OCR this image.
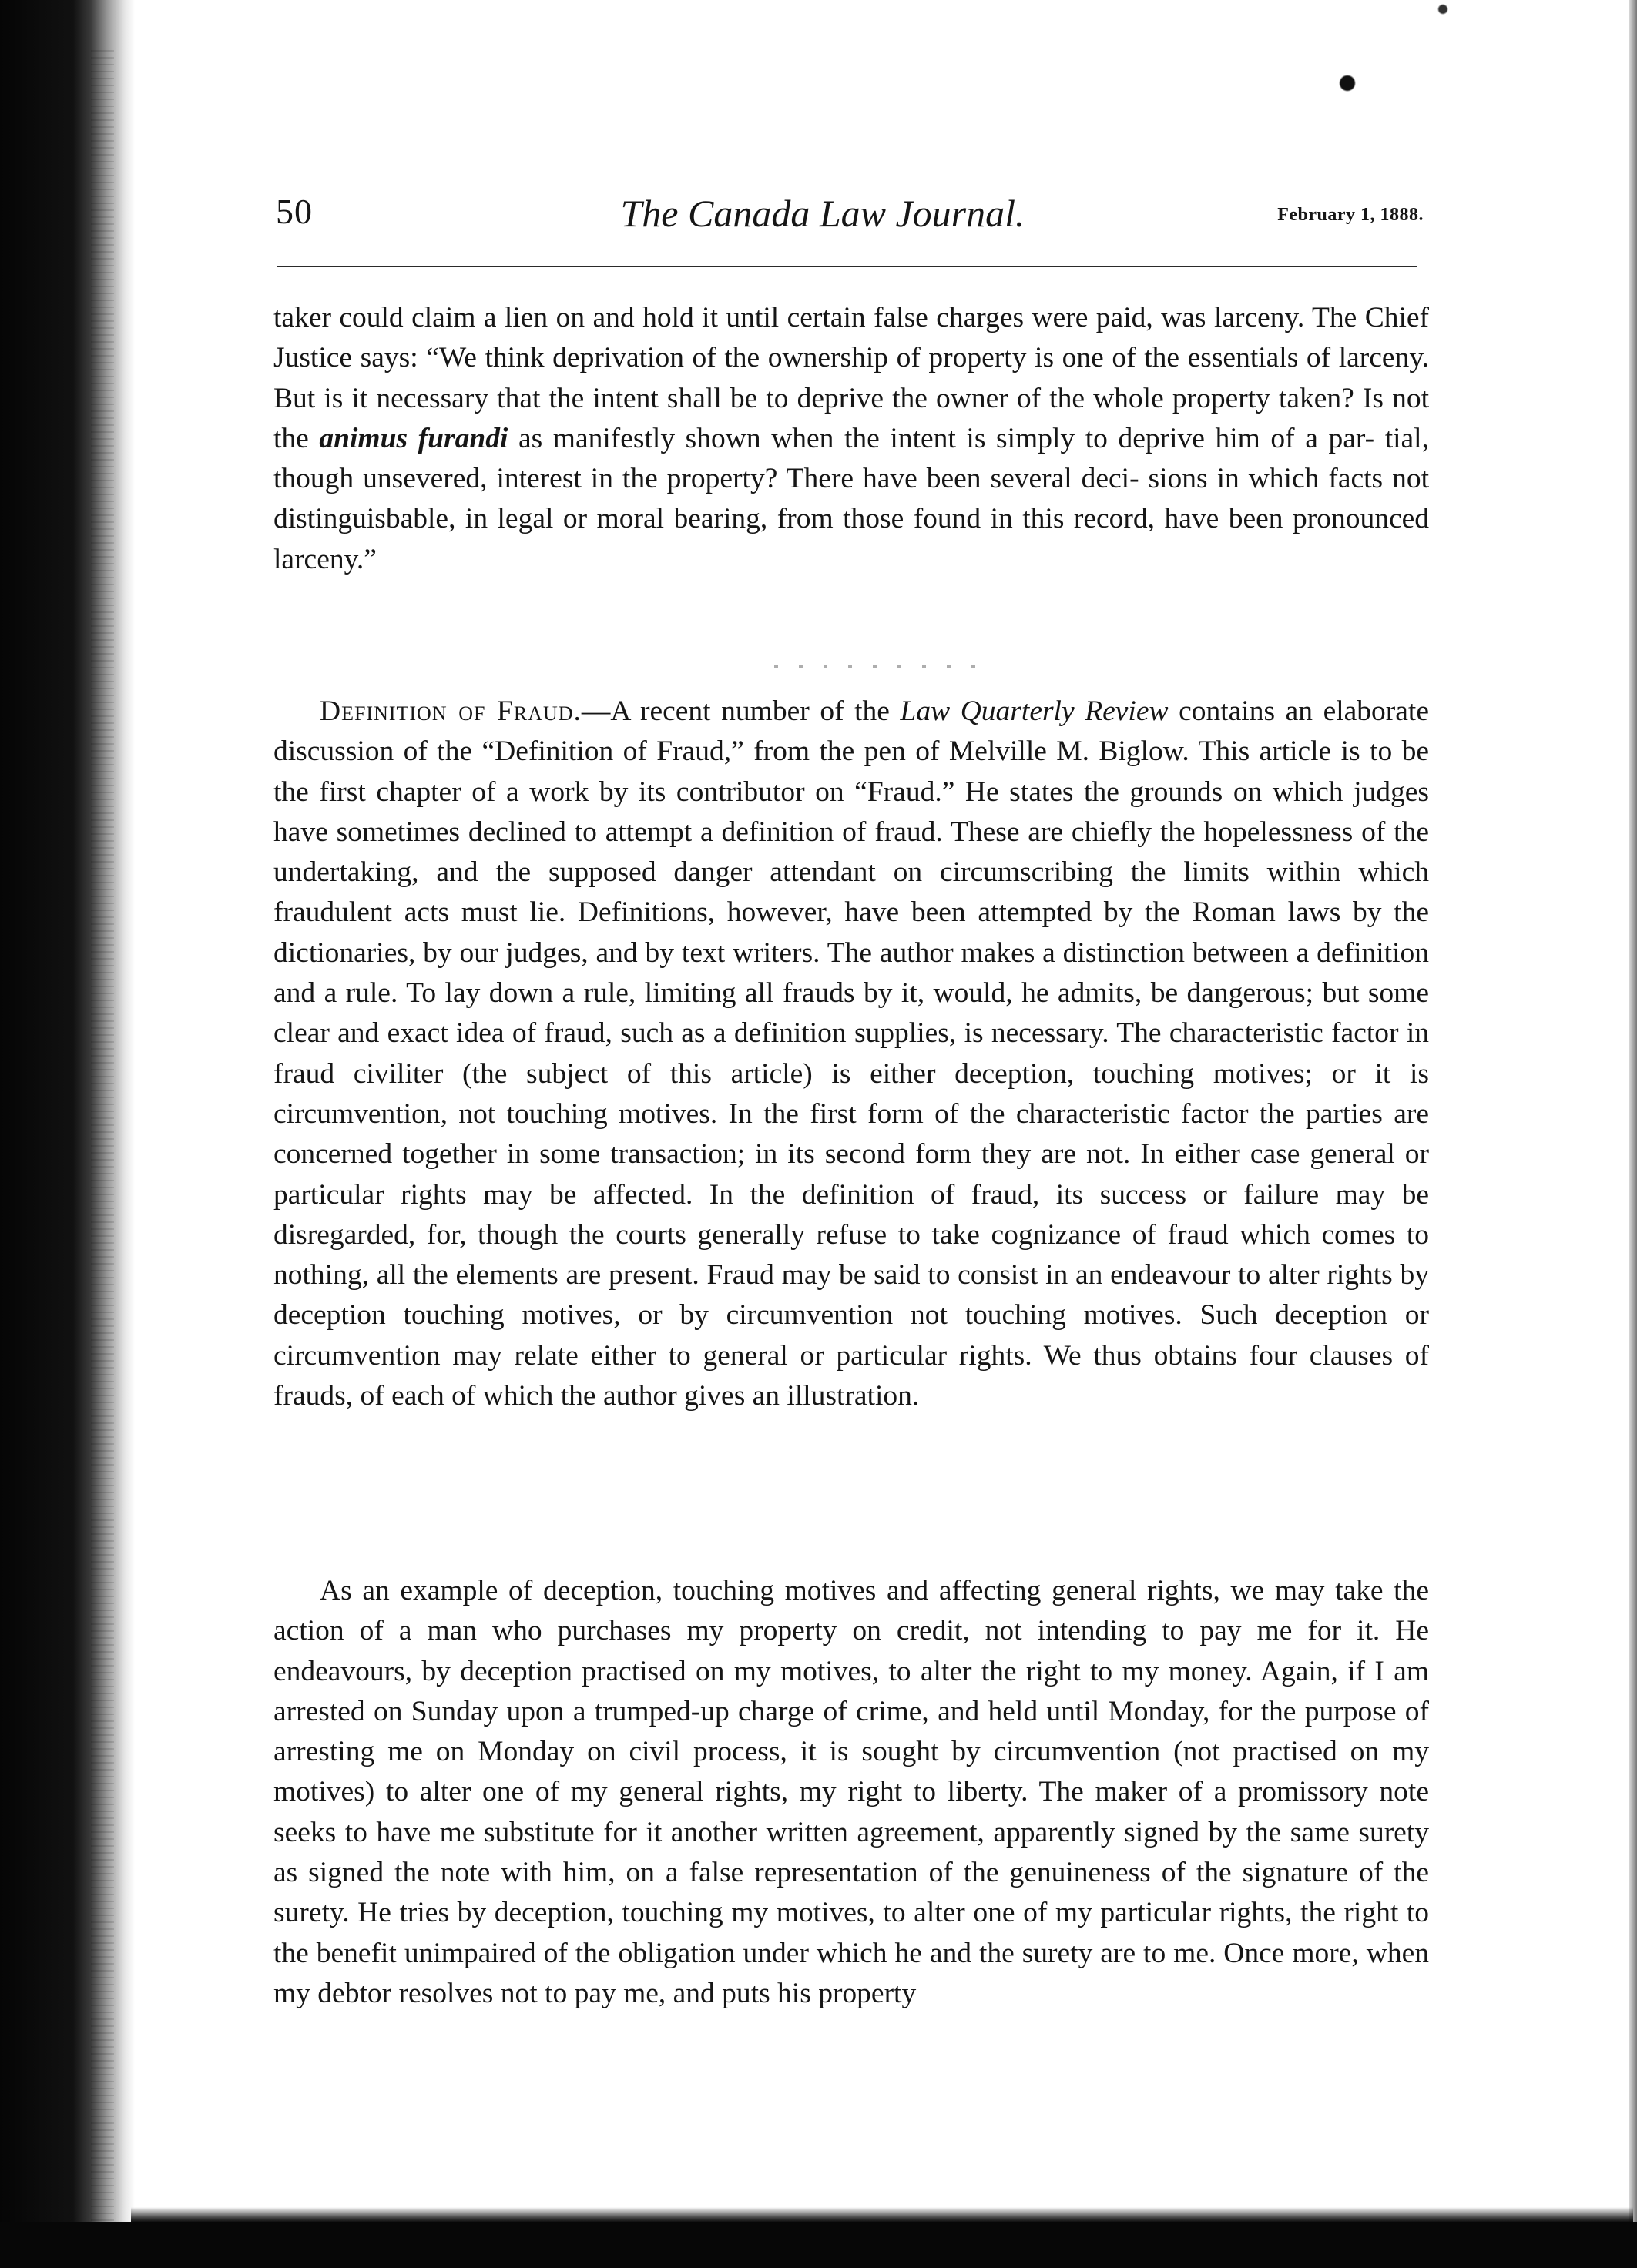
50	The Canada Law Journal.	February 1, 1888.

taker could claim a lien on and hold it until certain false charges were paid, was larceny. The Chief Justice says: “We think deprivation of the ownership of property is one of the essentials of larceny. But is it necessary that the intent shall be to deprive the owner of the whole property taken? Is not the animus furandi as manifestly shown when the intent is simply to deprive him of a par- tial, though unsevered, interest in the property? There have been several deci- sions in which facts not distinguisbable, in legal or moral bearing, from those found in this record, have been pronounced larceny.”

Definition of Fraud.—A recent number of the Law Quarterly Review contains an elaborate discussion of the “Definition of Fraud,” from the pen of Melville M. Biglow. This article is to be the first chapter of a work by its contributor on “Fraud.” He states the grounds on which judges have sometimes declined to attempt a definition of fraud. These are chiefly the hopelessness of the undertaking, and the supposed danger attendant on circumscribing the limits within which fraudulent acts must lie. Definitions, however, have been attempted by the Roman laws by the dictionaries, by our judges, and by text writers. The author makes a distinction between a definition and a rule. To lay down a rule, limiting all frauds by it, would, he admits, be dangerous; but some clear and exact idea of fraud, such as a definition supplies, is necessary. The characteristic factor in fraud civiliter (the subject of this article) is either deception, touching motives; or it is circumvention, not touching motives. In the first form of the characteristic factor the parties are concerned together in some transaction; in its second form they are not. In either case general or particular rights may be affected. In the definition of fraud, its success or failure may be disregarded, for, though the courts generally refuse to take cognizance of fraud which comes to nothing, all the elements are present. Fraud may be said to consist in an endeavour to alter rights by deception touching motives, or by circumvention not touching motives. Such deception or circumvention may relate either to general or particular rights. We thus obtains four clauses of frauds, of each of which the author gives an illustration.

As an example of deception, touching motives and affecting general rights, we may take the action of a man who purchases my property on credit, not intending to pay me for it. He endeavours, by deception practised on my motives, to alter the right to my money. Again, if I am arrested on Sunday upon a trumped-up charge of crime, and held until Monday, for the purpose of arresting me on Monday on civil process, it is sought by circumvention (not practised on my motives) to alter one of my general rights, my right to liberty. The maker of a promissory note seeks to have me substitute for it another written agreement, apparently signed by the same surety as signed the note with him, on a false representation of the genuineness of the signature of the surety. He tries by deception, touching my motives, to alter one of my particular rights, the right to the benefit unimpaired of the obligation under which he and the surety are to me. Once more, when my debtor resolves not to pay me, and puts his property
